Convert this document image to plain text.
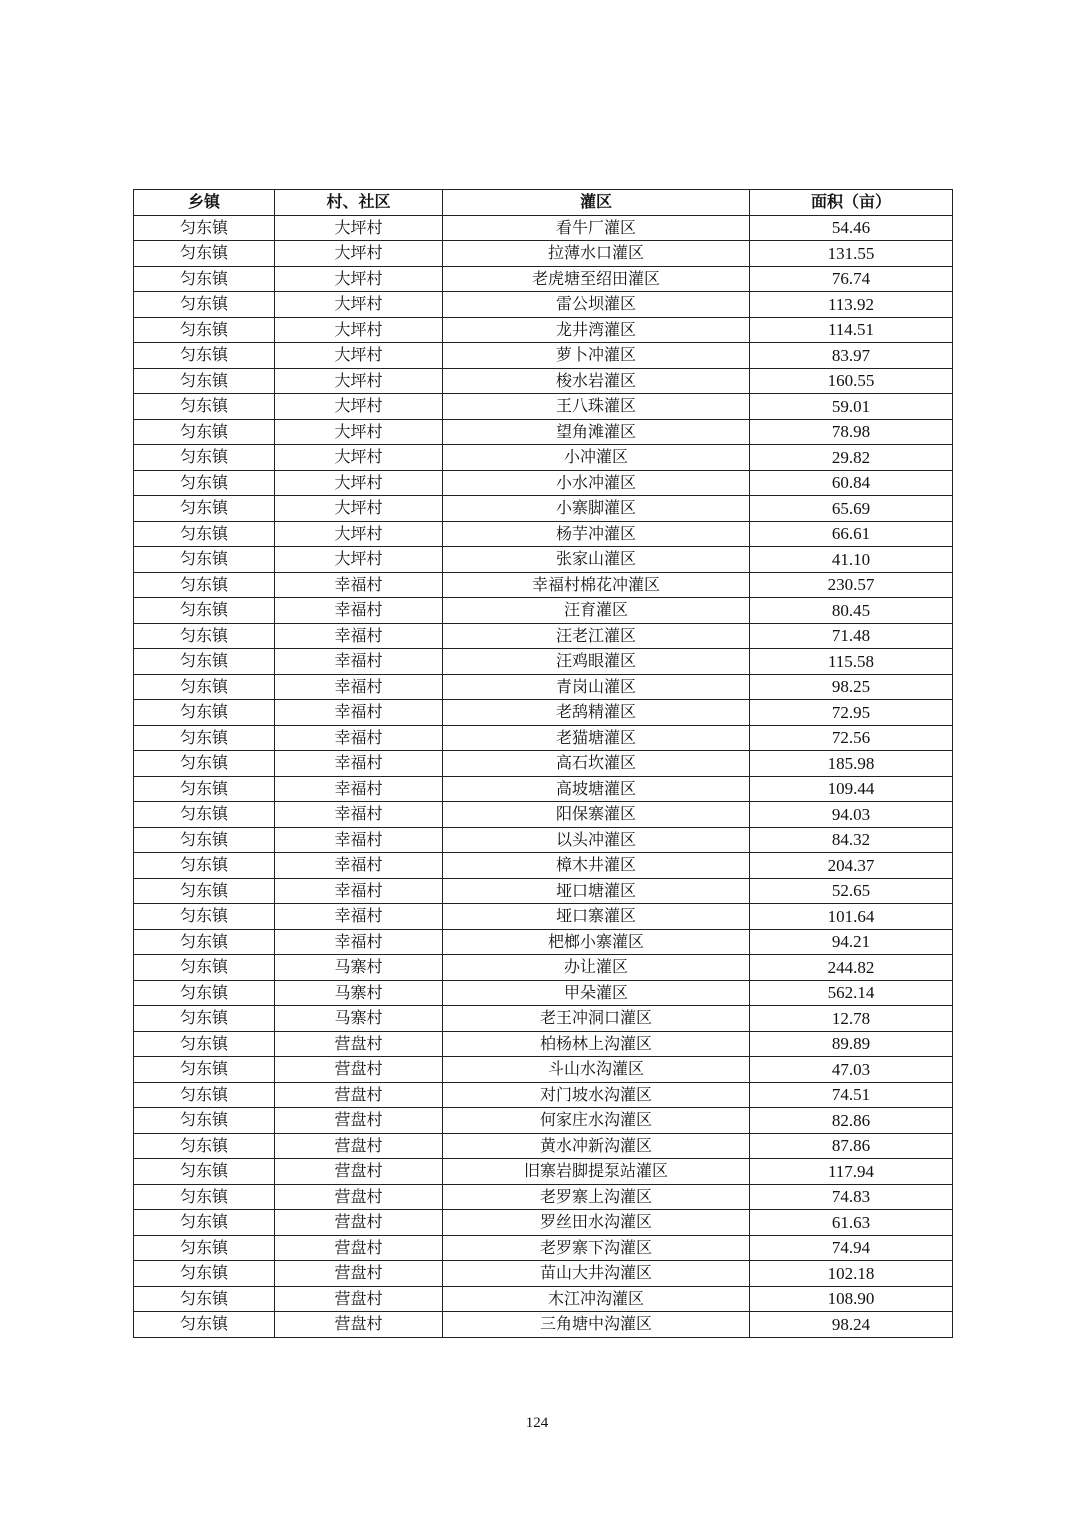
乡镇	村、社区	灌区	面积（亩）
匀东镇	大坪村	看牛厂灌区	54.46
匀东镇	大坪村	拉薄水口灌区	131.55
匀东镇	大坪村	老虎塘至绍田灌区	76.74
匀东镇	大坪村	雷公坝灌区	113.92
匀东镇	大坪村	龙井湾灌区	114.51
匀东镇	大坪村	萝卜冲灌区	83.97
匀东镇	大坪村	梭水岩灌区	160.55
匀东镇	大坪村	王八珠灌区	59.01
匀东镇	大坪村	望角滩灌区	78.98
匀东镇	大坪村	小冲灌区	29.82
匀东镇	大坪村	小水冲灌区	60.84
匀东镇	大坪村	小寨脚灌区	65.69
匀东镇	大坪村	杨芋冲灌区	66.61
匀东镇	大坪村	张家山灌区	41.10
匀东镇	幸福村	幸福村棉花冲灌区	230.57
匀东镇	幸福村	汪育灌区	80.45
匀东镇	幸福村	汪老江灌区	71.48
匀东镇	幸福村	汪鸡眼灌区	115.58
匀东镇	幸福村	青岗山灌区	98.25
匀东镇	幸福村	老鸹精灌区	72.95
匀东镇	幸福村	老猫塘灌区	72.56
匀东镇	幸福村	高石坎灌区	185.98
匀东镇	幸福村	高坡塘灌区	109.44
匀东镇	幸福村	阳保寨灌区	94.03
匀东镇	幸福村	以头冲灌区	84.32
匀东镇	幸福村	樟木井灌区	204.37
匀东镇	幸福村	垭口塘灌区	52.65
匀东镇	幸福村	垭口寨灌区	101.64
匀东镇	幸福村	杷榔小寨灌区	94.21
匀东镇	马寨村	办让灌区	244.82
匀东镇	马寨村	甲朵灌区	562.14
匀东镇	马寨村	老王冲洞口灌区	12.78
匀东镇	营盘村	柏杨林上沟灌区	89.89
匀东镇	营盘村	斗山水沟灌区	47.03
匀东镇	营盘村	对门坡水沟灌区	74.51
匀东镇	营盘村	何家庄水沟灌区	82.86
匀东镇	营盘村	黄水冲新沟灌区	87.86
匀东镇	营盘村	旧寨岩脚提泵站灌区	117.94
匀东镇	营盘村	老罗寨上沟灌区	74.83
匀东镇	营盘村	罗丝田水沟灌区	61.63
匀东镇	营盘村	老罗寨下沟灌区	74.94
匀东镇	营盘村	苗山大井沟灌区	102.18
匀东镇	营盘村	木江冲沟灌区	108.90
匀东镇	营盘村	三角塘中沟灌区	98.24
124
